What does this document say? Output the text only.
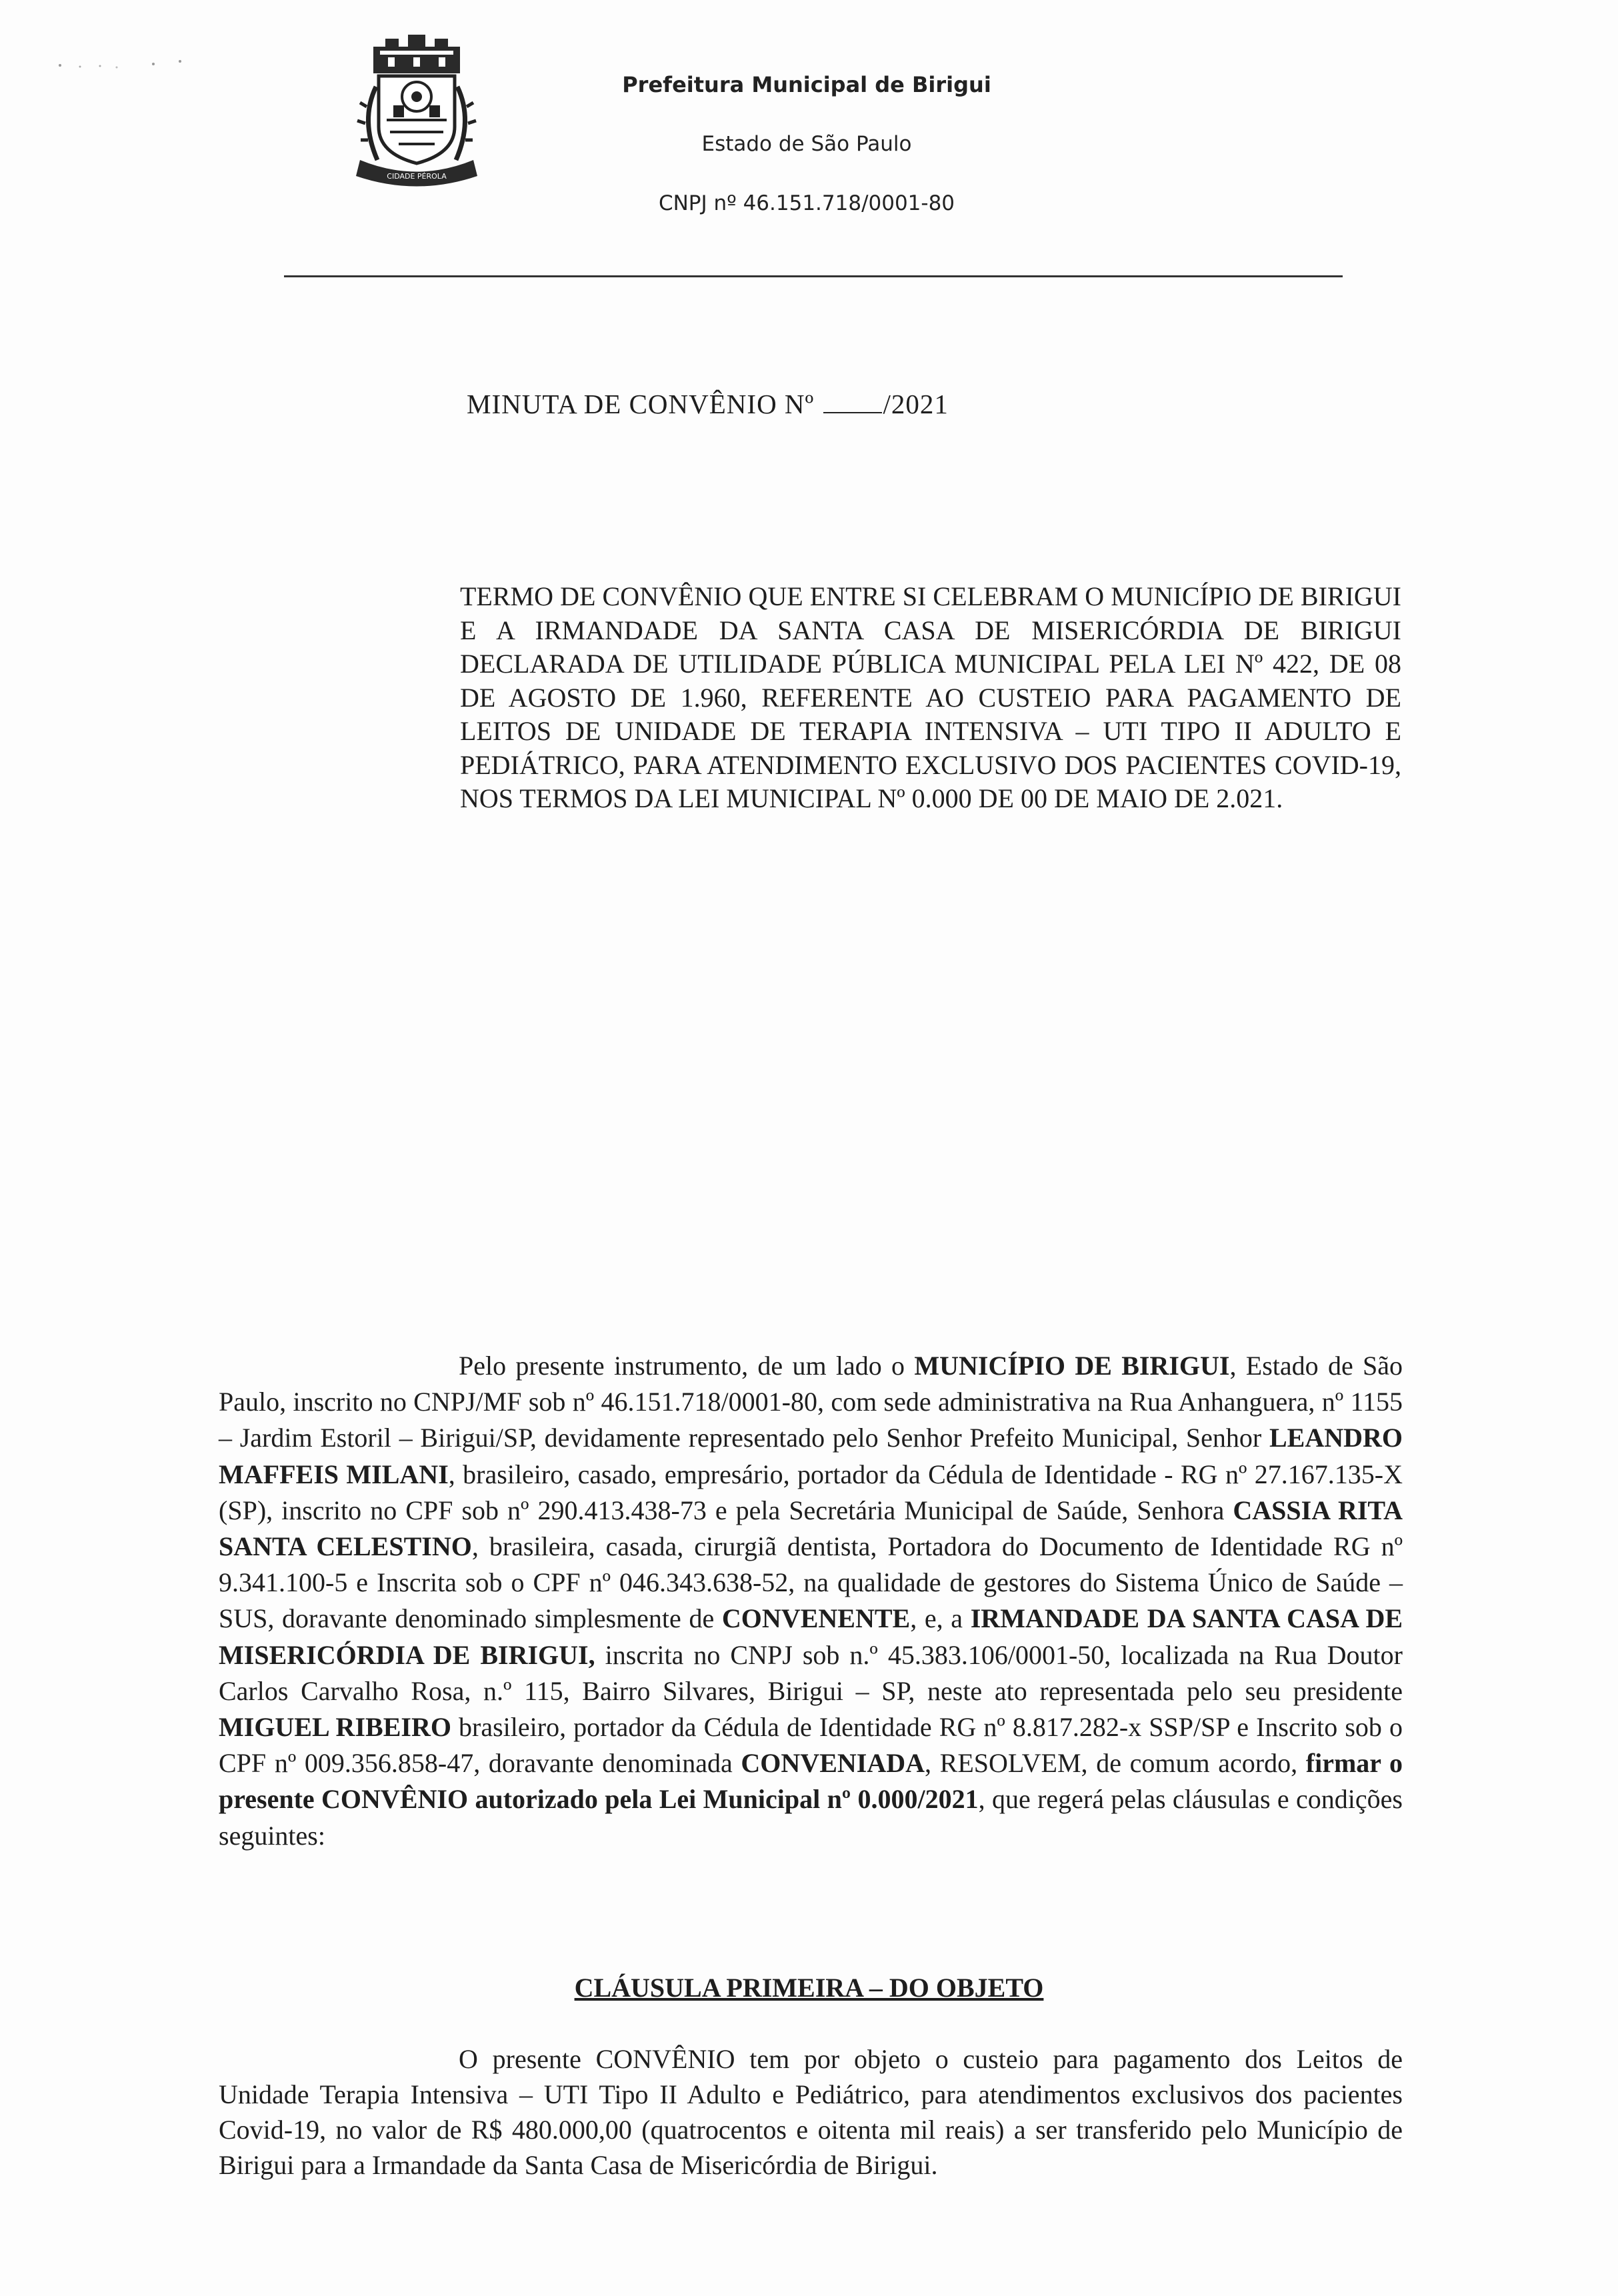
CIDADE PÉROLA
Prefeitura Municipal de Birigui
Estado de São Paulo
CNPJ nº 46.151.718/0001-80
MINUTA DE CONVÊNIO Nº	/2021
TERMO DE CONVÊNIO QUE ENTRE SI CELEBRAM O MUNICÍPIO DE BIRIGUI E A IRMANDADE DA SANTA CASA DE MISERICÓRDIA DE BIRIGUI DECLARADA DE UTILIDADE PÚBLICA MUNICIPAL PELA LEI Nº 422, DE 08 DE AGOSTO DE 1.960, REFERENTE AO CUSTEIO PARA PAGAMENTO DE LEITOS DE UNIDADE DE TERAPIA INTENSIVA – UTI TIPO II ADULTO E PEDIÁTRICO, PARA ATENDIMENTO EXCLUSIVO DOS PACIENTES COVID-19, NOS TERMOS DA LEI MUNICIPAL Nº 0.000 DE 00 DE MAIO DE 2.021.
Pelo presente instrumento, de um lado o MUNICÍPIO DE BIRIGUI, Estado de São Paulo, inscrito no CNPJ/MF sob nº 46.151.718/0001-80, com sede administrativa na Rua Anhanguera, nº 1155 – Jardim Estoril – Birigui/SP, devidamente representado pelo Senhor Prefeito Municipal, Senhor LEANDRO MAFFEIS MILANI, brasileiro, casado, empresário, portador da Cédula de Identidade - RG nº 27.167.135-X (SP), inscrito no CPF sob nº 290.413.438-73 e pela Secretária Municipal de Saúde, Senhora CASSIA RITA SANTA CELESTINO, brasileira, casada, cirurgiã dentista, Portadora do Documento de Identidade RG nº 9.341.100-5 e Inscrita sob o CPF nº 046.343.638-52, na qualidade de gestores do Sistema Único de Saúde – SUS, doravante denominado simplesmente de CONVENENTE, e, a IRMANDADE DA SANTA CASA DE MISERICÓRDIA DE BIRIGUI, inscrita no CNPJ sob n.º 45.383.106/0001-50, localizada na Rua Doutor Carlos Carvalho Rosa, n.º 115, Bairro Silvares, Birigui – SP, neste ato representada pelo seu presidente MIGUEL RIBEIRO brasileiro, portador da Cédula de Identidade RG nº 8.817.282-x SSP/SP e Inscrito sob o CPF nº 009.356.858-47, doravante denominada CONVENIADA, RESOLVEM, de comum acordo, firmar o presente CONVÊNIO autorizado pela Lei Municipal nº 0.000/2021, que regerá pelas cláusulas e condições seguintes:
CLÁUSULA PRIMEIRA – DO OBJETO
O presente CONVÊNIO tem por objeto o custeio para pagamento dos Leitos de Unidade Terapia Intensiva – UTI Tipo II Adulto e Pediátrico, para atendimentos exclusivos dos pacientes Covid-19, no valor de R$ 480.000,00 (quatrocentos e oitenta mil reais) a ser transferido pelo Município de Birigui para a Irmandade da Santa Casa de Misericórdia de Birigui.
